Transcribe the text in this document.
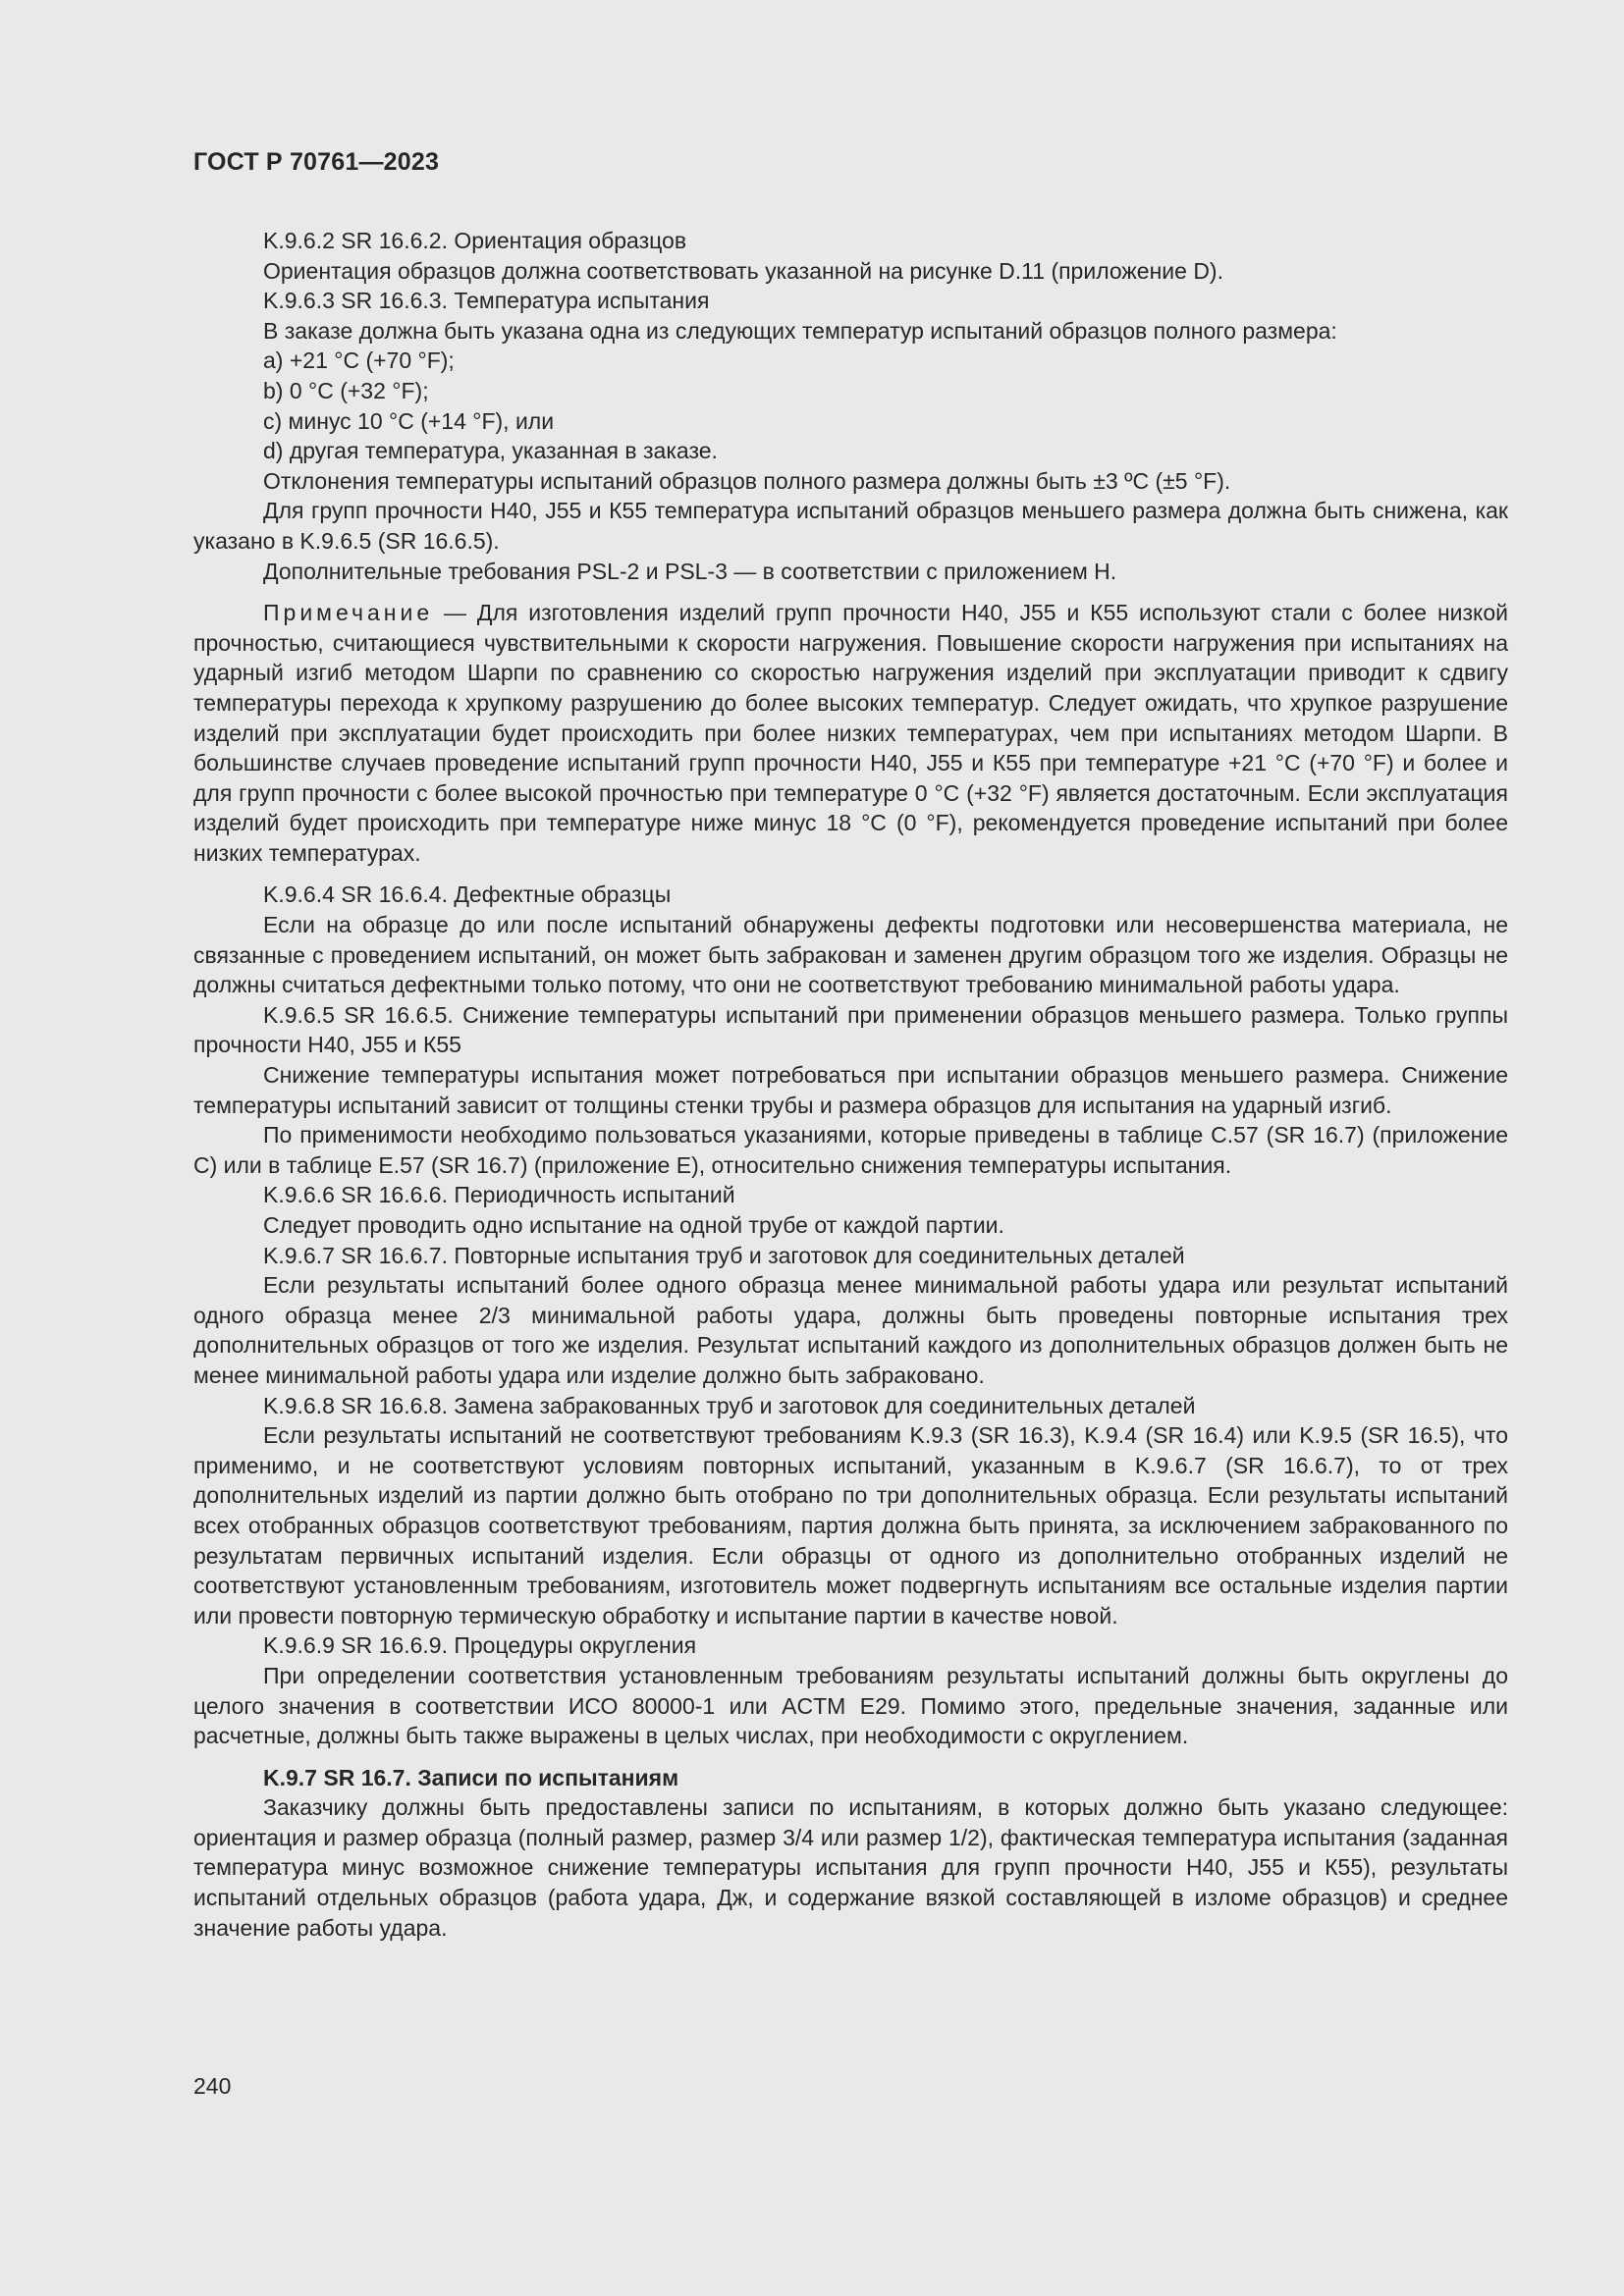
ГОСТ Р 70761—2023

K.9.6.2 SR 16.6.2. Ориентация образцов

Ориентация образцов должна соответствовать указанной на рисунке D.11 (приложение D).

K.9.6.3 SR 16.6.3. Температура испытания

В заказе должна быть указана одна из следующих температур испытаний образцов полного размера:

a) +21 °С (+70 °F);
b) 0 °С (+32 °F);
c) минус 10 °С (+14 °F), или
d) другая температура, указанная в заказе.

Отклонения температуры испытаний образцов полного размера должны быть ±3 ºС (±5 °F).

Для групп прочности Н40, J55 и К55 температура испытаний образцов меньшего размера должна быть снижена, как указано в K.9.6.5 (SR 16.6.5).

Дополнительные требования PSL-2 и PSL-3 — в соответствии с приложением H.

Примечание — Для изготовления изделий групп прочности Н40, J55 и К55 используют стали с более низкой прочностью, считающиеся чувствительными к скорости нагружения. Повышение скорости нагружения при испытаниях на ударный изгиб методом Шарпи по сравнению со скоростью нагружения изделий при эксплуатации приводит к сдвигу температуры перехода к хрупкому разрушению до более высоких температур. Следует ожидать, что хрупкое разрушение изделий при эксплуатации будет происходить при более низких температурах, чем при испытаниях методом Шарпи. В большинстве случаев проведение испытаний групп прочности Н40, J55 и К55 при температуре +21 °С (+70 °F) и более и для групп прочности с более высокой прочностью при температуре 0 °С (+32 °F) является достаточным. Если эксплуатация изделий будет происходить при температуре ниже минус 18 °С (0 °F), рекомендуется проведение испытаний при более низких температурах.

K.9.6.4 SR 16.6.4. Дефектные образцы

Если на образце до или после испытаний обнаружены дефекты подготовки или несовершенства материала, не связанные с проведением испытаний, он может быть забракован и заменен другим образцом того же изделия. Образцы не должны считаться дефектными только потому, что они не соответствуют требованию минимальной работы удара.

K.9.6.5 SR 16.6.5. Снижение температуры испытаний при применении образцов меньшего размера. Только группы прочности Н40, J55 и К55

Снижение температуры испытания может потребоваться при испытании образцов меньшего размера. Снижение температуры испытаний зависит от толщины стенки трубы и размера образцов для испытания на ударный изгиб.

По применимости необходимо пользоваться указаниями, которые приведены в таблице С.57 (SR 16.7) (приложение С) или в таблице Е.57 (SR 16.7) (приложение Е), относительно снижения температуры испытания.

K.9.6.6 SR 16.6.6. Периодичность испытаний

Следует проводить одно испытание на одной трубе от каждой партии.

K.9.6.7 SR 16.6.7. Повторные испытания труб и заготовок для соединительных деталей

Если результаты испытаний более одного образца менее минимальной работы удара или результат испытаний одного образца менее 2/3 минимальной работы удара, должны быть проведены повторные испытания трех дополнительных образцов от того же изделия. Результат испытаний каждого из дополнительных образцов должен быть не менее минимальной работы удара или изделие должно быть забраковано.

K.9.6.8 SR 16.6.8. Замена забракованных труб и заготовок для соединительных деталей

Если результаты испытаний не соответствуют требованиям K.9.3 (SR 16.3), K.9.4 (SR 16.4) или K.9.5 (SR 16.5), что применимо, и не соответствуют условиям повторных испытаний, указанным в K.9.6.7 (SR 16.6.7), то от трех дополнительных изделий из партии должно быть отобрано по три дополнительных образца. Если результаты испытаний всех отобранных образцов соответствуют требованиям, партия должна быть принята, за исключением забракованного по результатам первичных испытаний изделия. Если образцы от одного из дополнительно отобранных изделий не соответствуют установленным требованиям, изготовитель может подвергнуть испытаниям все остальные изделия партии или провести повторную термическую обработку и испытание партии в качестве новой.

K.9.6.9 SR 16.6.9. Процедуры округления

При определении соответствия установленным требованиям результаты испытаний должны быть округлены до целого значения в соответствии ИСО 80000-1 или ACTM E29. Помимо этого, предельные значения, заданные или расчетные, должны быть также выражены в целых числах, при необходимости с округлением.

K.9.7 SR 16.7. Записи по испытаниям

Заказчику должны быть предоставлены записи по испытаниям, в которых должно быть указано следующее: ориентация и размер образца (полный размер, размер 3/4 или размер 1/2), фактическая температура испытания (заданная температура минус возможное снижение температуры испытания для групп прочности Н40, J55 и К55), результаты испытаний отдельных образцов (работа удара, Дж, и содержание вязкой составляющей в изломе образцов) и среднее значение работы удара.

240
